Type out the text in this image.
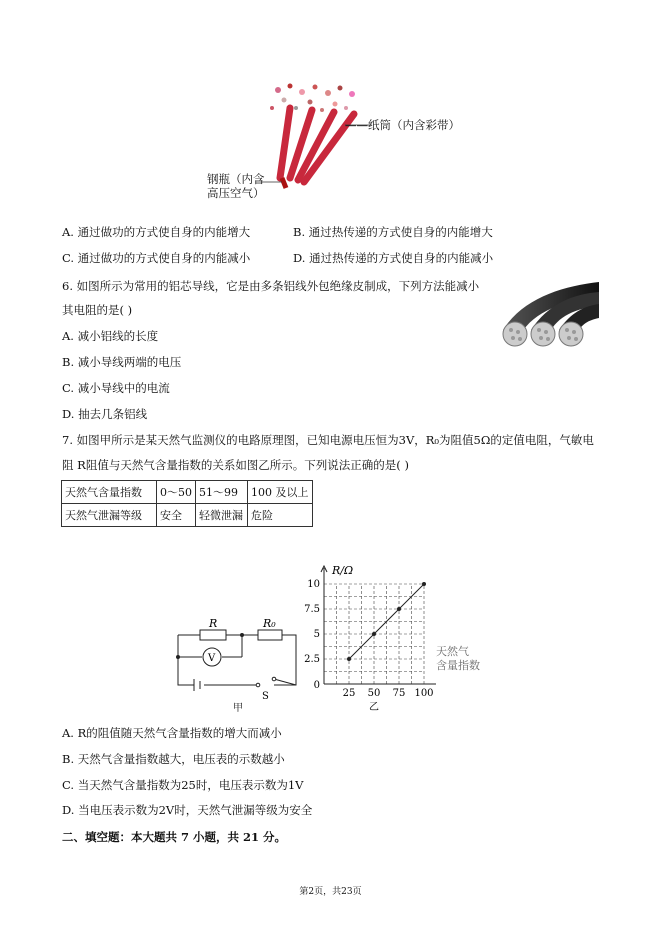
——纸筒（内含彩带）
钢瓶（内含
高压空气）
A. 通过做功的方式使自身的内能增大	B. 通过热传递的方式使自身的内能增大
C. 通过做功的方式使自身的内能减小	D. 通过热传递的方式使自身的内能减小
6. 如图所示为常用的铝芯导线，它是由多条铝线外包绝缘皮制成，下列方法能减小
其电阻的是( )
A. 减小铝线的长度
B. 减小导线两端的电压
C. 减小导线中的电流
D. 抽去几条铝线
7. 如图甲所示是某天然气监测仪的电路原理图，已知电源电压恒为3V，R₀为阻值5Ω的定值电阻，气敏电
阻 R阻值与天然气含量指数的关系如图乙所示。下列说法正确的是( )
天然气含量指数	0～50	51～99	100 及以上
天然气泄漏等级	安全	轻微泄漏	危险
R	R₀
V
S
甲
25 50 75 100
2.5
5
7.5
10
0
R/Ω
天然气
含量指数
乙
A. R的阻值随天然气含量指数的增大而减小
B. 天然气含量指数越大，电压表的示数越小
C. 当天然气含量指数为25时，电压表示数为1V
D. 当电压表示数为2V时，天然气泄漏等级为安全
二、填空题：本大题共 7 小题，共 21 分。
第2页，共23页
